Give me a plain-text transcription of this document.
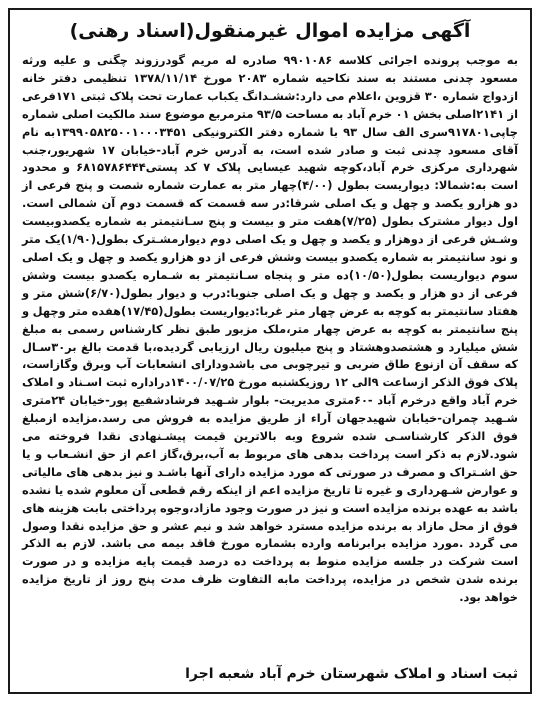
آگهی مزایده اموال غیرمنقول(اسناد رهنی)

به موجب پرونده اجرائی کلاسه ۹۹۰۱۰۸۶ صادره له مریم گودرزوند چگنی و علیه ورثه مسعود چدنی مستند به سند نکاحیه شماره ۲۰۸۳ مورخ ۱۳۷۸/۱۱/۱۴ تنظیمی دفتر خانه ازدواج شماره ۳۰ قزوین ،اعلام می دارد:ششـدانگ یکباب عمارت تحت پلاک ثبتی ۱۷۱فرعی از ۲۱۴۱اصلی بخش ۰۱ خرم آباد به مساحت ۹۳/۵ مترمربع موضوع سند مالکیت اصلی شماره چاپی۹۱۷۸۰۱سری الف سال ۹۳ با شماره دفتر الکترونیکی ۱۳۹۹۰۵۸۲۵۰۰۱۰۰۰۳۴۵۱به نام آقای مسعود چدنی ثبت و صادر شده است، به آدرس خرم آباد-خیابان ۱۷ شهریور،جنب شهرداری مرکزی خرم آباد،کوچه شهید عیسایی پلاک ۷ کد پستی۶۸۱۵۷۸۶۴۴۴ و محدود است به:شمالا: دیواریست بطول (۴/۰۰)چهار متر به عمارت شماره شصت و پنج فرعی از دو هزارو یکصد و چهل و یک اصلی شرقا:در سه قسمت که قسمت دوم آن شمالی است. اول دیوار مشترک بطول (۷/۲۵)هفت متر و بیست و پنج سـانتیمتر به شماره یکصدوبیست وشـش فرعی از دوهزار و یکصد و چهل و یک اصلی دوم دیوارمشـترک بطول(۱/۹۰)یک متر و نود سانتیمتر به شماره یکصدو بیست وشش فرعی از دو هزارو یکصد و چهل و یک اصلی سوم دیواریست بطول(۱۰/۵۰)ده متر و پنجاه سـانتیمتر به شـماره یکصدو بیست وشش فرعی از دو هزار و یکصد و چهل و یک اصلی جنوبا:درب و دیوار بطول(۶/۷۰)شش متر و هفتاد سانتیمتر به کوچه به عرض چهار متر غربا:دیواریست بطول(۱۷/۴۵)هفده متر وچهل و پنج سانتیمتر به کوچه به عرض چهار متر،ملک مزبور طبق نظر کارشناس رسمی به مبلغ شش میلیارد و هشتصدوهشتاد و پنج میلیون ریال ارزیابی گردیده،با قدمت بالغ بر۳۰سـال که سقف آن ازنوع طاق ضربی و تیرچوبی می باشدودارای انشعابات آب وبرق وگازاست، پلاک فوق الذکر ازساعت ۹الی ۱۲ روزیکشنبه مورخ ۱۴۰۰/۰۷/۲۵دراداره ثبت اسـناد و املاک خرم آباد واقع درخرم آباد -۶۰متری مدیریت- بلوار شـهید فرشادشفیع پور-خیابان ۲۴متری شـهید چمران-خیابان شهیدجهان آراء از طریق مزایده به فروش می رسد.مزایده ازمبلغ فوق الذکر کارشناسـی شده شروع وبه بالاترین قیمت پیشـنهادی نقدا فروخته می شود.لازم به ذکر است پرداخت بدهی های مربوط به آب،برق،گاز اعم از حق انشـعاب و یا حق اشـتراک و مصرف در صورتی که مورد مزایده دارای آنها باشـد و نیز بدهی های مالیاتی و عوارض شـهرداری و غیره تا تاریخ مزایده اعم از اینکه رقم قطعی آن معلوم شده یا نشده باشد به عهده برنده مزایده است و نیز در صورت وجود مازاد،وجوه پرداختی بابت هزینه های فوق از محل مازاد به برنده مزایده مسترد خواهد شد و نیم عشر و حق مزایده نقدا وصول می گردد .مورد مزایده برابرنامه وارده بشماره مورخ فاقد بیمه می باشد. لازم به الذکر است شرکت در جلسه مزایده منوط به پرداخت ده درصد قیمت پایه مزایده و در صورت برنده شدن شخص در مزایده، پرداخت مابه التفاوت ظرف مدت پنج روز از تاریخ مزایده خواهد بود.

ثبت اسناد و املاک شهرستان خرم آباد شعبه اجرا
